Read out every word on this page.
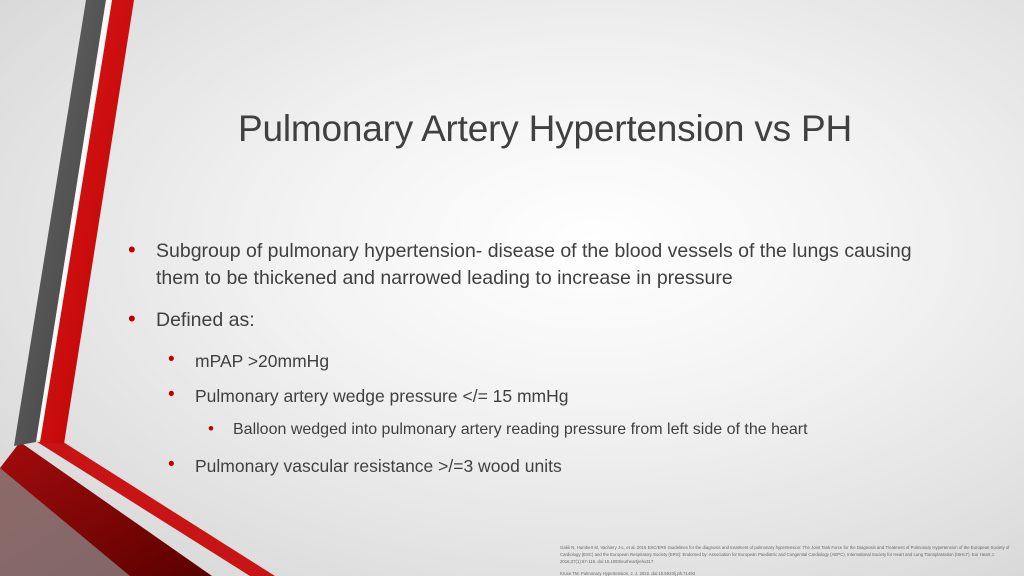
Pulmonary Artery Hypertension vs PH
• Subgroup of pulmonary hypertension- disease of the blood vessels of the lungs causing them to be thickened and narrowed leading to increase in pressure
• Defined as:
• mPAP >20mmHg
• Pulmonary artery wedge pressure </= 15 mmHg
• Balloon wedged into pulmonary artery reading pressure from left side of the heart
• Pulmonary vascular resistance >/=3 wood units

Galiè N, Humbert M, Vachiery J-L, et al. 2015 ESC/ERS Guidelines for the diagnosis and treatment of pulmonary hypertension: The Joint Task Force for the Diagnosis and Treatment of Pulmonary Hypertension of the European Society of Cardiology (ESC) and the European Respiratory Society (ERS): Endorsed by: Association for European Paediatric and Congenital Cardiology (AEPC), International Society for Heart and Lung Transplantation (ISHLT). Eur Heart J. 2016;37(1):67-119. doi:10.1093/eurheartj/ehv317

Kruse TM. Pulmonary Hypertension. J. J. 2022. doi:10.5923/j.ph.71493
